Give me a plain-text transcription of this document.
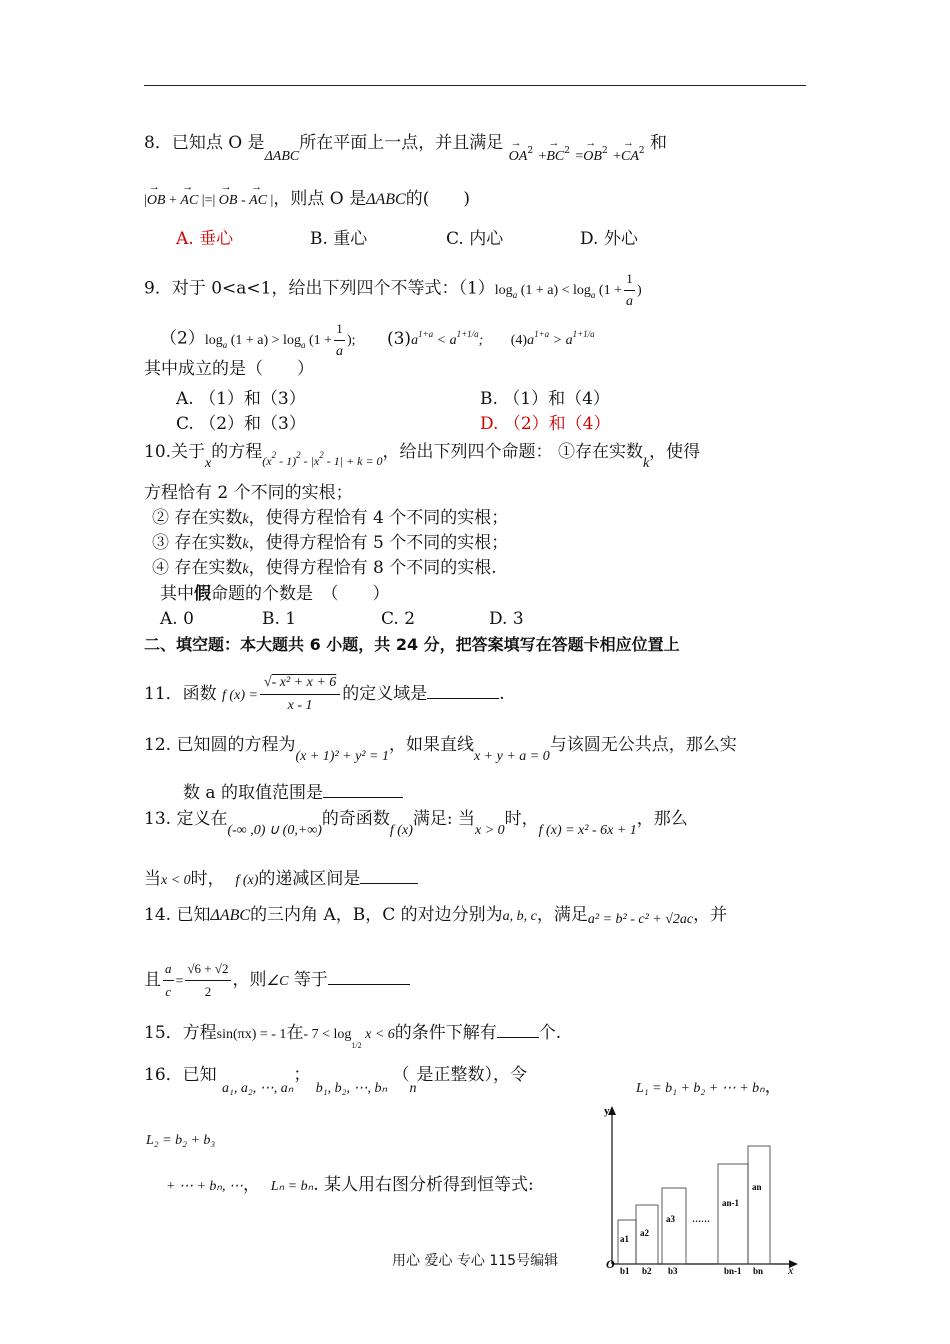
8．已知点 O 是$_{\Delta ABC}$所在平面上一点，并且满足 → $OA^2 +\to BC^2 =\to OB^2 +\to CA^2$ 和
|→ OB + → AC |=| → OB - → AC |，则点 O 是ΔABC的(　　)
A. 垂心	B. 重心	C. 内心	D. 外心
9．对于 0<a<1，给出下列四个不等式：$(1)\log_a$ $(1 + a) < \log_a (1 + \frac{1}{a}$ )
$(2)\log_a$ $(1 + a) > \log_a (1 + \frac{1}{a}$ ); $(3)a^{1+a} < a^{1+1/a}$; $(4)a^{1+a} > a^{1+1/a}$
其中成立的是（　　）
A. （1）和（3）	B. （1）和（4）
C. （2）和（3）	D. （2）和（4）
10.关于$_x$的方程$_{(x^2 - 1)^2 - |x^2 - 1| + k = 0}$，给出下列四个命题： ①存在实数$_k$，使得
方程恰有 2 个不同的实根；
② 存在实数k，使得方程恰有 4 个不同的实根；
③ 存在实数k，使得方程恰有 5 个不同的实根；
④ 存在实数k，使得方程恰有 8 个不同的实根.
其中假命题的个数是　（　　）
A. 0	B. 1	C. 2	D. 3
二、填空题：本大题共 6 小题，共 24 分，把答案填写在答题卡相应位置上
11．函数 f $(x) = \frac{\text{√- x² + x + 6}}{x - 1}$ 的定义域是	.
12. 已知圆的方程为$_{(x + 1)^2 + y^2 = 1}$，如果直线$_{x + y + a = 0}$与该圆无公共点，那么实
数 a 的取值范围是
13. 定义在$_{(-\infty ,0) \cup (0,+\infty)}$的奇函数$_{f (x)}$满足: 当$_{x > 0}$时，$_{f (x) = x^2 - 6x + 1}$，那么
当x < 0时， f (x)的递减区间是
14. 已知ΔABC的三内角 A，B，C 的对边分别为a, b, c，满足a² = b² - c² + √2ac，并
且 $\frac{a}{c} = \frac{√6 + √2}{2}$ ，则∠C 等于
15．方程sin(πx) = - 1在- $7 < \log_{1/2} x < 6$的条件下解有 个.
16．已知 $_{a_1, a_2, \cdots, a_n}$； $_{b_1, b_2, \cdots, b_n}$ （$_n$是正整数），令
L₁ = b₁ + b₂ + ⋯ + bₙ，
L₂ = b₂ + b₃
+ ⋯ + bₙ, ⋯， Lₙ = bₙ. 某人用右图分析得到恒等式:
y
x
O
a1
a2
a3
an-1
an
……
b1 b2 b3	bn-1 bn
用心 爱心 专心 115号编辑
